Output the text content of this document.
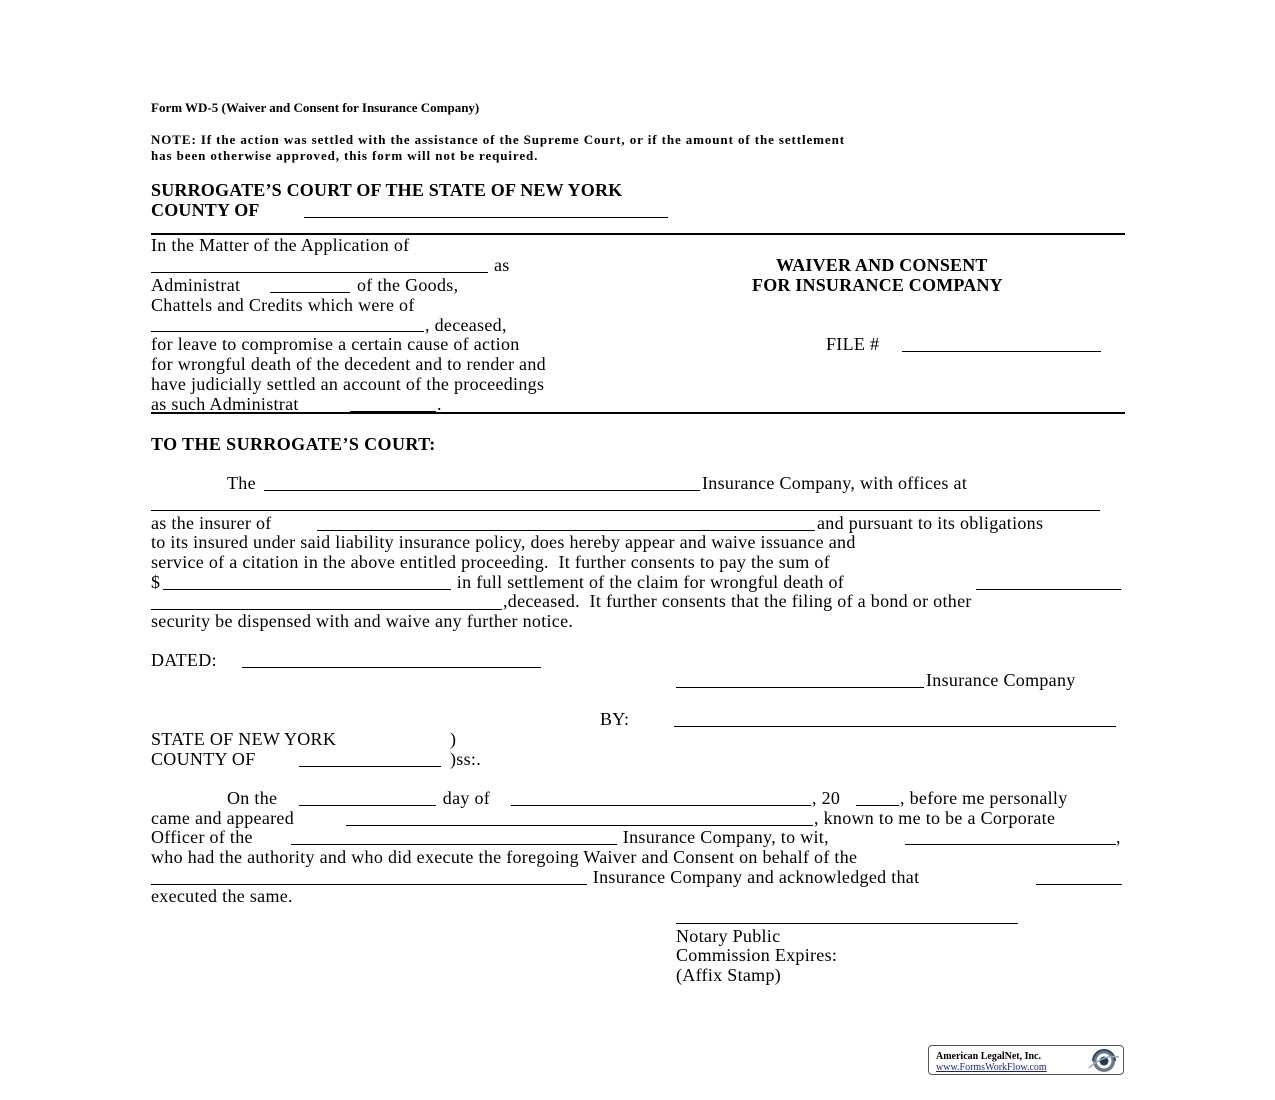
Form WD-5 (Waiver and Consent for Insurance Company)
NOTE: If the action was settled with the assistance of the Supreme Court, or if the amount of the settlement
has been otherwise approved, this form will not be required.
SURROGATE’S COURT OF THE STATE OF NEW YORK
COUNTY OF
In the Matter of the Application of
as
Administrat	of the Goods,
Chattels and Credits which were of
, deceased,
for leave to compromise a certain cause of action
for wrongful death of the decedent and to render and
have judicially settled an account of the proceedings
as such Administrat	.
WAIVER AND CONSENT
FOR INSURANCE COMPANY
FILE #
TO THE SURROGATE’S COURT:
The	Insurance Company, with offices at
as the insurer of	and pursuant to its obligations
to its insured under said liability insurance policy, does hereby appear and waive issuance and
service of a citation in the above entitled proceeding.  It further consents to pay the sum of
$	in full settlement of the claim for wrongful death of
,deceased.  It further consents that the filing of a bond or other
security be dispensed with and waive any further notice.
DATED:
Insurance Company
BY:
STATE OF NEW YORK	)
COUNTY OF	)ss:.
On the	day of	, 20	, before me personally
came and appeared	, known to me to be a Corporate
Officer of the	Insurance Company, to wit,	,
who had the authority and who did execute the foregoing Waiver and Consent on behalf of the
Insurance Company and acknowledged that
executed the same.
Notary Public
Commission Expires:
(Affix Stamp)
American LegalNet, Inc.
www.FormsWorkFlow.com
